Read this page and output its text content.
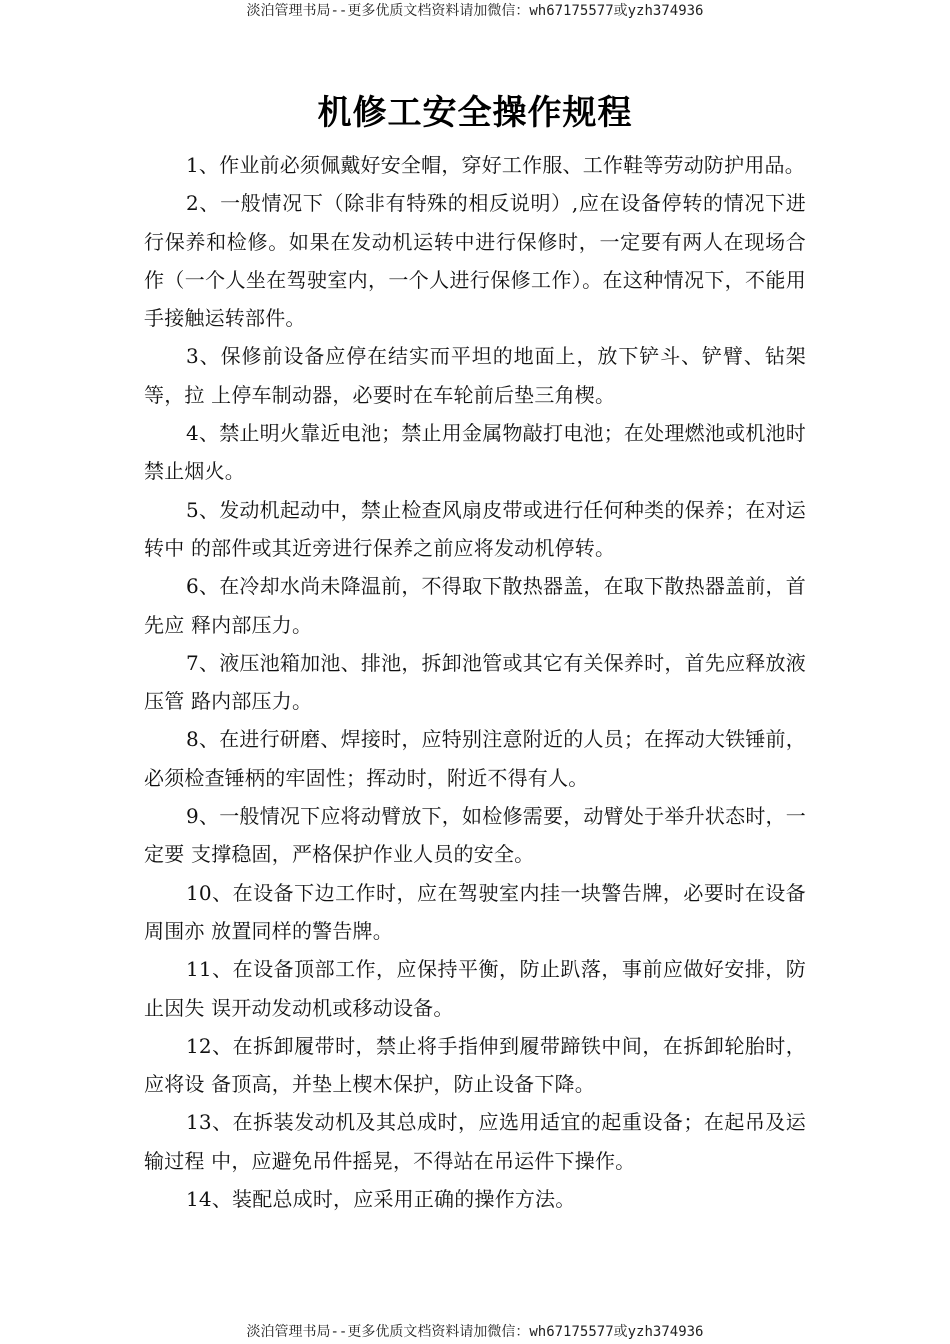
淡泊管理书局--更多优质文档资料请加微信：wh67175577或yzh374936
机修工安全操作规程

1、作业前必须佩戴好安全帽，穿好工作服、工作鞋等劳动防护用品。

2、一般情况下（除非有特殊的相反说明）,应在设备停转的情况下进行保养和检修。如果在发动机运转中进行保修时，一定要有两人在现场合作（一个人坐在驾驶室内，一个人进行保修工作）。在这种情况下，不能用手接触运转部件。

3、保修前设备应停在结实而平坦的地面上，放下铲斗、铲臂、钻架等，拉 上停车制动器，必要时在车轮前后垫三角楔。

4、禁止明火靠近电池；禁止用金属物敲打电池；在处理燃池或机池时禁止烟火。

5、发动机起动中，禁止检查风扇皮带或进行任何种类的保养；在对运转中 的部件或其近旁进行保养之前应将发动机停转。

6、在冷却水尚未降温前，不得取下散热器盖，在取下散热器盖前，首先应 释内部压力。

7、液压池箱加池、排池，拆卸池管或其它有关保养时，首先应释放液压管 路内部压力。

8、在进行研磨、焊接时，应特别注意附近的人员；在挥动大铁锤前，必须检查锤柄的牢固性；挥动时，附近不得有人。

9、一般情况下应将动臂放下，如检修需要，动臂处于举升状态时，一定要 支撑稳固，严格保护作业人员的安全。

10、在设备下边工作时，应在驾驶室内挂一块警告牌，必要时在设备周围亦 放置同样的警告牌。

11、在设备顶部工作，应保持平衡，防止趴落，事前应做好安排，防止因失 误开动发动机或移动设备。

12、在拆卸履带时，禁止将手指伸到履带蹄铁中间，在拆卸轮胎时，应将设 备顶高，并垫上楔木保护，防止设备下降。

13、在拆装发动机及其总成时，应选用适宜的起重设备；在起吊及运输过程 中，应避免吊件摇晃，不得站在吊运件下操作。

14、装配总成时，应采用正确的操作方法。

淡泊管理书局--更多优质文档资料请加微信：wh67175577或yzh374936
